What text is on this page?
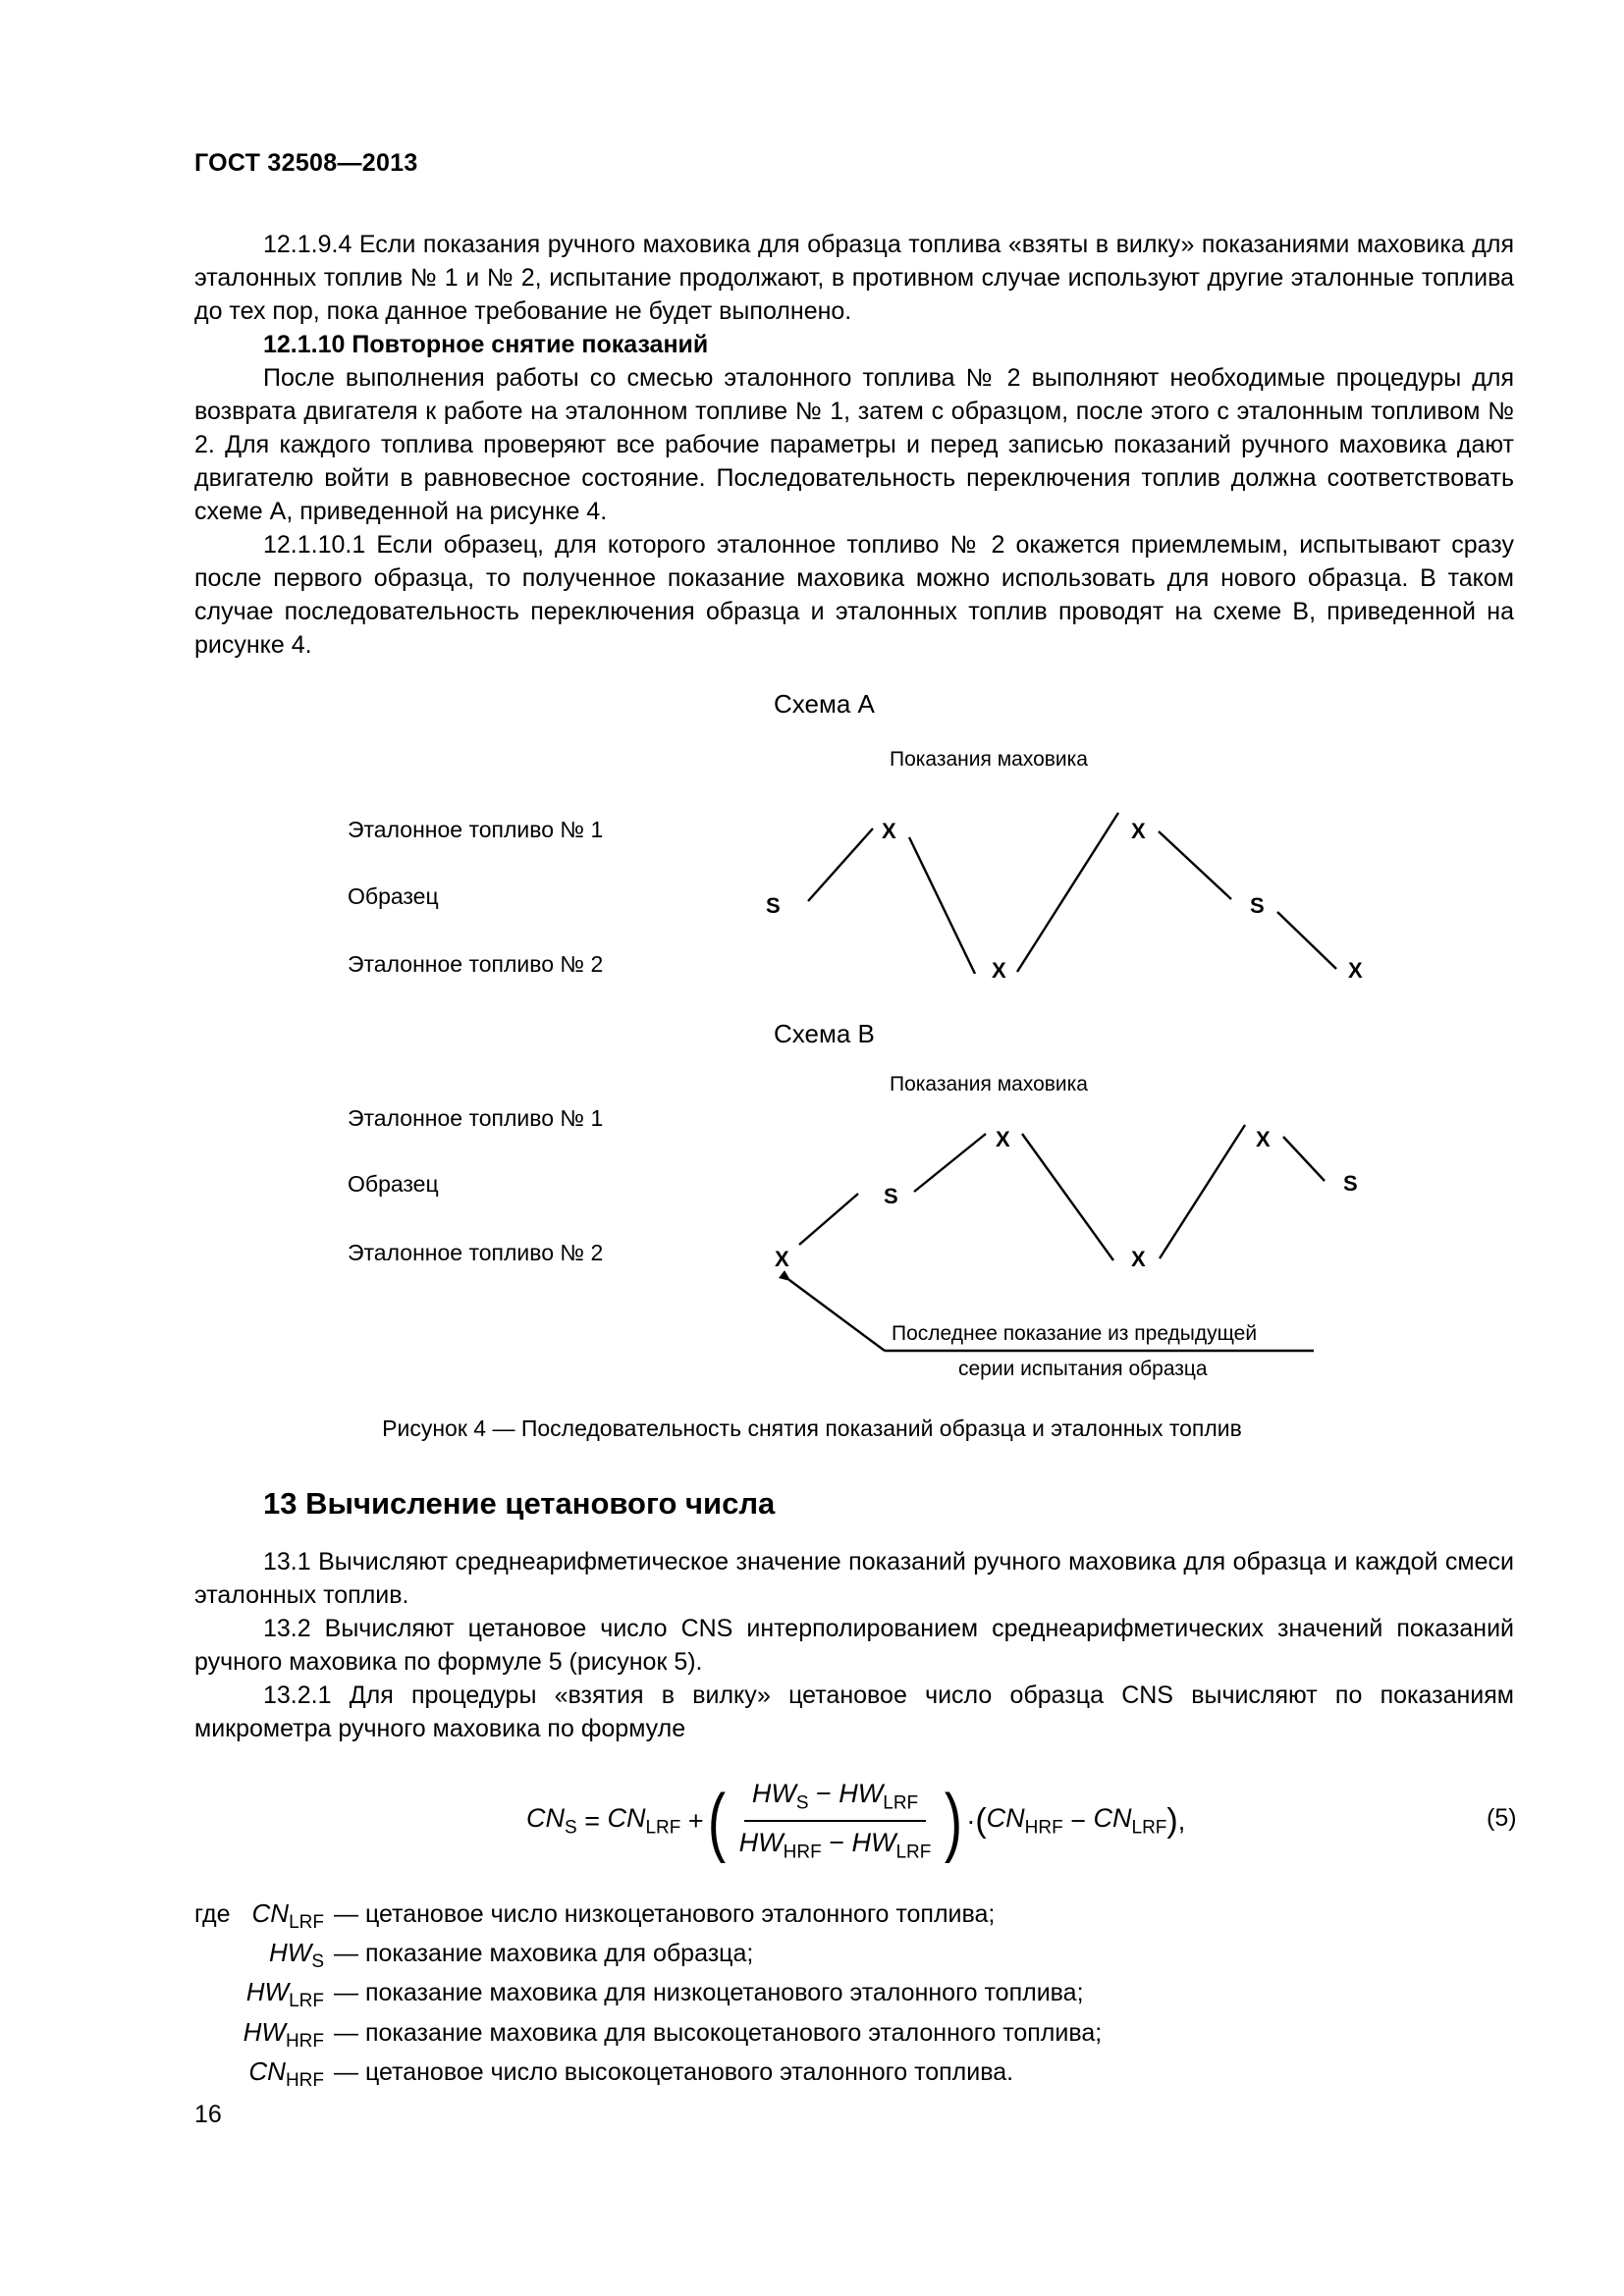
ГОСТ 32508—2013

12.1.9.4 Если показания ручного маховика для образца топлива «взяты в вилку» показаниями маховика для эталонных топлив № 1 и № 2, испытание продолжают, в противном случае используют другие эталонные топлива до тех пор, пока данное требование не будет выполнено.

12.1.10 Повторное снятие показаний

После выполнения работы со смесью эталонного топлива № 2 выполняют необходимые процедуры для возврата двигателя к работе на эталонном топливе № 1, затем с образцом, после этого с эталонным топливом № 2. Для каждого топлива проверяют все рабочие параметры и перед записью показаний ручного маховика дают двигателю войти в равновесное состояние. Последовательность переключения топлив должна соответствовать схеме А, приведенной на рисунке 4.

12.1.10.1 Если образец, для которого эталонное топливо № 2 окажется приемлемым, испытывают сразу после первого образца, то полученное показание маховика можно использовать для нового образца. В таком случае последовательность переключения образца и эталонных топлив проводят на схеме В, приведенной на рисунке 4.

Схема А
Показания маховика
Эталонное топливо № 1
Образец
Эталонное топливо № 2
S
X
X
X
S
X
Схема В
Показания маховика
Эталонное топливо № 1
Образец
Эталонное топливо № 2	X
S
X
X
X
S
Последнее показание из предыдущей
серии испытания образца
Рисунок 4 — Последовательность снятия показаний образца и эталонных топлив
13 Вычисление цетанового числа

13.1 Вычисляют среднеарифметическое значение показаний ручного маховика для образца и каждой смеси эталонных топлив.

13.2 Вычисляют цетановое число CNS интерполированием среднеарифметических значений показаний ручного маховика по формуле 5 (рисунок 5).

13.2.1 Для процедуры «взятия в вилку» цетановое число образца CNS вычисляют по показаниям микрометра ручного маховика по формуле

$CN_S = CN_{LRF}$ + ( $\frac{HW_S - HW_{LRF}}{HW_{HRF} - HW_{LRF}}$ ) · ( $CN_{HRF} - CN_{LRF}$ ) ,	(5)
где $CN_{LRF}$ — цетановое число низкоцетанового эталонного топлива;
$HW_S$ — показание маховика для образца;
$HW_{LRF}$ — показание маховика для низкоцетанового эталонного топлива;
$HW_{HRF}$ — показание маховика для высокоцетанового эталонного топлива;
$CN_{HRF}$ — цетановое число высокоцетанового эталонного топлива.
16
